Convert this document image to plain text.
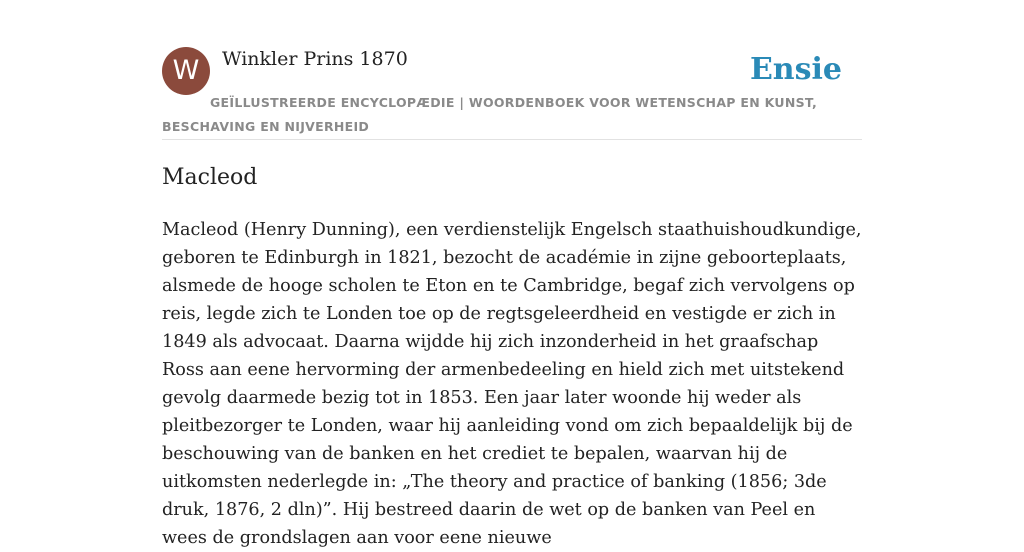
W	Winkler Prins 1870	Ensie
GEÏLLUSTREERDE ENCYCLOPÆDIE | WOORDENBOEK VOOR WETENSCHAP EN KUNST, BESCHAVING EN NIJVERHEID
Macleod

Macleod (Henry Dunning), een verdienstelijk Engelsch staathuishoudkundige, geboren te Edinburgh in 1821, bezocht de académie in zijne geboorteplaats, alsmede de hooge scholen te Eton en te Cambridge, begaf zich vervolgens op reis, legde zich te Londen toe op de regtsgeleerdheid en vestigde er zich in 1849 als advocaat. Daarna wijdde hij zich inzonderheid in het graafschap Ross aan eene hervorming der armenbedeeling en hield zich met uitstekend gevolg daarmede bezig tot in 1853. Een jaar later woonde hij weder als pleitbezorger te Londen, waar hij aanleiding vond om zich bepaaldelijk bij de beschouwing van de banken en het crediet te bepalen, waarvan hij de uitkomsten nederlegde in: „The theory and practice of banking (1856; 3de druk, 1876, 2 dln)”. Hij bestreed daarin de wet op de banken van Peel en wees de grondslagen aan voor eene nieuwe
